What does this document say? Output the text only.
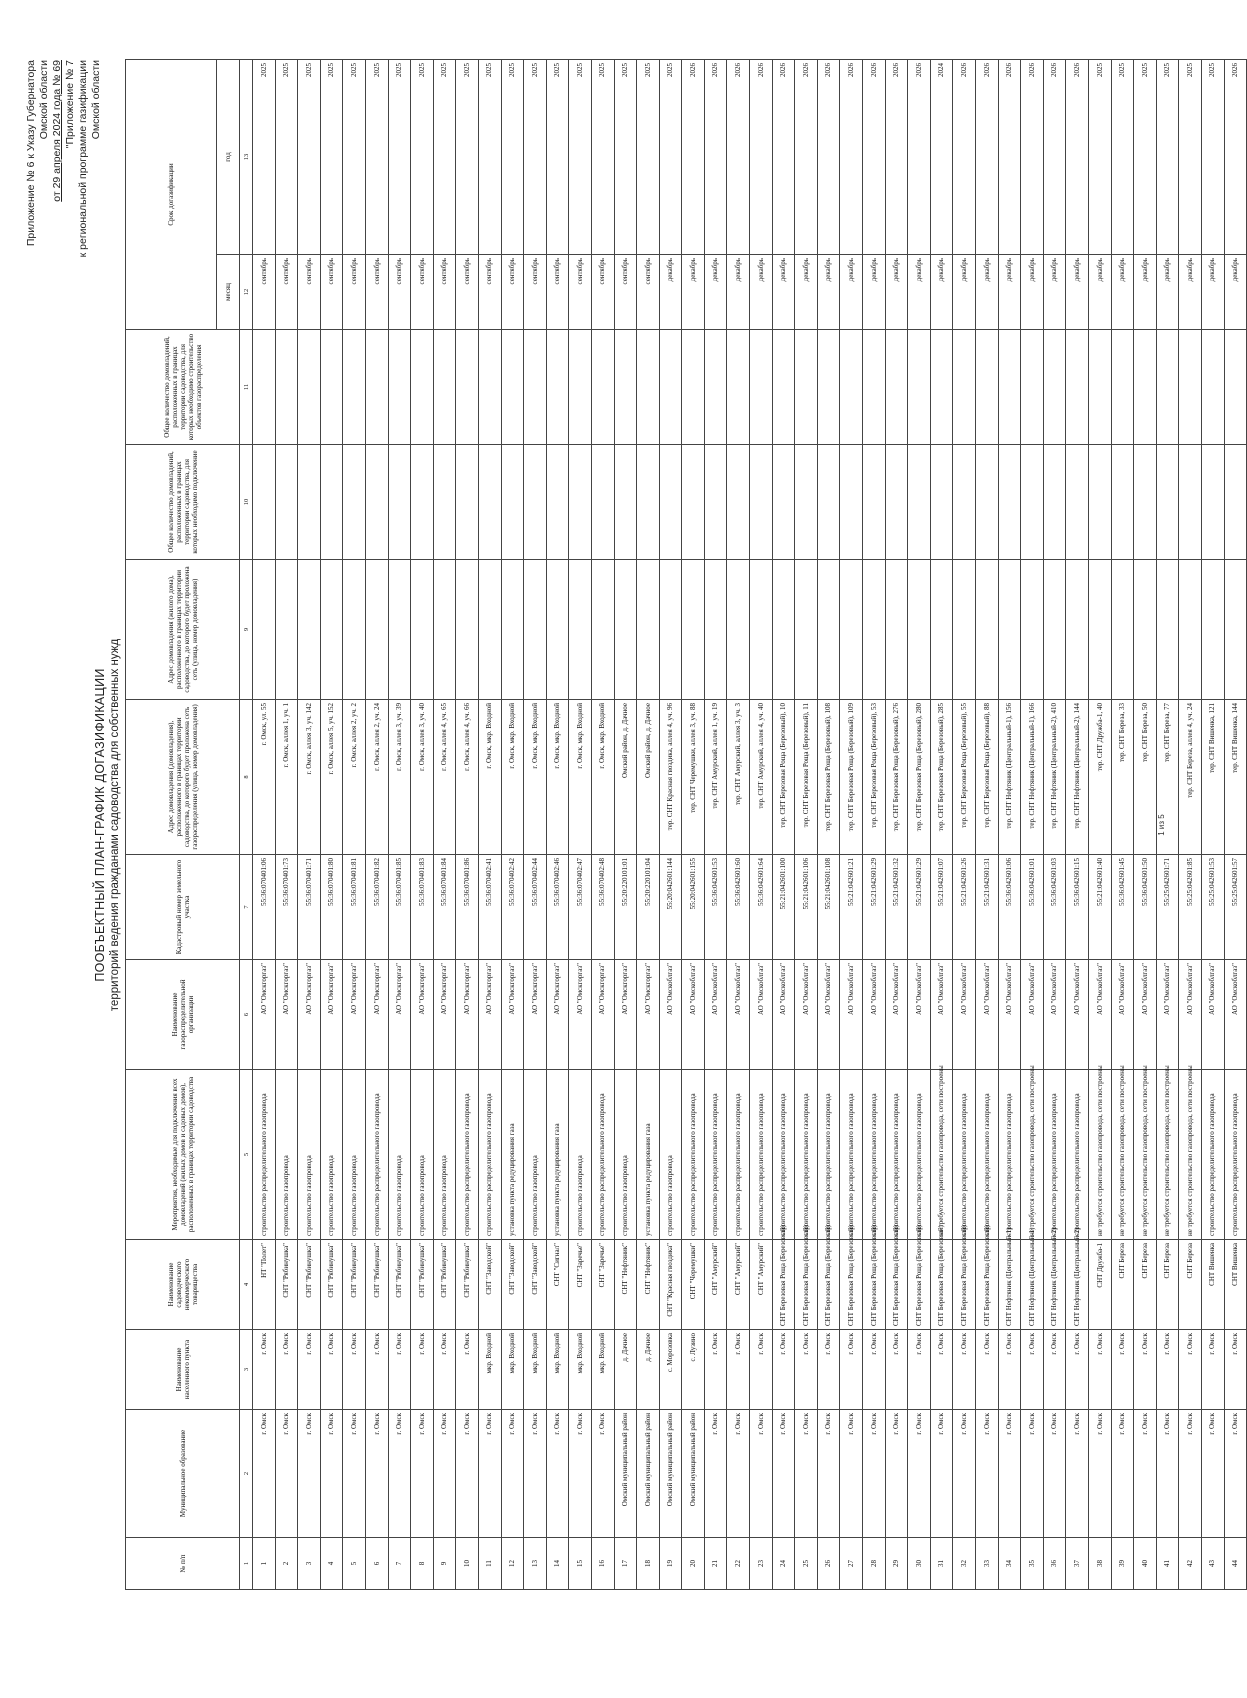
Приложение № 6 к Указу Губернатора Омской области от 29 апреля 2024 года № 69 "Приложение № 7 к региональной программе газификации Омской области
ПООБЪЕКТНЫЙ ПЛАН-ГРАФИК ДОГАЗИФИКАЦИИ территорий ведения гражданами садоводства для собственных нужд
№ п/п	Муниципальное образование	Наименование населенного пункта	Наименование садоводческого некоммерческого товарищества	Мероприятия, необходимые для подключения всех домовладений (жилых домов и садовых домов), расположенных в границах территории садоводства	Наименование газораспределительной организации	Кадастровый номер земельного участка	Адрес домовладения (домовладения), расположенного в границах территории садоводства, до которого будет проложена сеть газораспределения (улица, номер домовладения)	Адрес домовладения (жилого дома), расположенного в границах территории садоводства, до которого будет проложена сеть (улица, номер домовладения)	Общее количество домовладений, расположенных в границах территории садоводства, для которых необходимо подключение	Общее количество домовладений, расположенных в границах территории садоводства, для которых необходимо строительство объектов газораспределения	Срок догазификации	
											месяц	год
1	2	3	4	5	6	7	8	9	10	11	12	13
1	г. Омск	г. Омск	НТ "Полет"	строительство распределительного газопровода	АО "Омскгоргаз"	55:36:070401:06	г. Омск, ул. 55				сентябрь	2025
2	г. Омск	г. Омск	СНТ "Рябинушка"	строительство газопровода	АО "Омскгоргаз"	55:36:070401:73	г. Омск, аллея 1, уч. 1				сентябрь	2025
3	г. Омск	г. Омск	СНТ "Рябинушка"	строительство газопровода	АО "Омскгоргаз"	55:36:070401:71	г. Омск, аллея 3, уч. 142				сентябрь	2025
4	г. Омск	г. Омск	СНТ "Рябинушка"	строительство газопровода	АО "Омскгоргаз"	55:36:070401:80	г. Омск, аллея 5, уч. 152				сентябрь	2025
5	г. Омск	г. Омск	СНТ "Рябинушка"	строительство газопровода	АО "Омскгоргаз"	55:36:070401:81	г. Омск, аллея 2, уч. 2				сентябрь	2025
6	г. Омск	г. Омск	СНТ "Рябинушка"	строительство распределительного газопровода	АО "Омскгоргаз"	55:36:070401:82	г. Омск, аллея 2, уч. 24				сентябрь	2025
7	г. Омск	г. Омск	СНТ "Рябинушка"	строительство газопровода	АО "Омскгоргаз"	55:36:070401:85	г. Омск, аллея 3, уч. 39				сентябрь	2025
8	г. Омск	г. Омск	СНТ "Рябинушка"	строительство газопровода	АО "Омскгоргаз"	55:36:070401:83	г. Омск, аллея 3, уч. 40				сентябрь	2025
9	г. Омск	г. Омск	СНТ "Рябинушка"	строительство газопровода	АО "Омскгоргаз"	55:36:070401:84	г. Омск, аллея 4, уч. 65				сентябрь	2025
10	г. Омск	г. Омск	СНТ "Рябинушка"	строительство распределительного газопровода	АО "Омскгоргаз"	55:36:070401:86	г. Омск, аллея 4, уч. 66				сентябрь	2025
11	г. Омск	мкр. Входной	СНТ "Заводской"	строительство распределительного газопровода	АО "Омскгоргаз"	55:36:070402:41	г. Омск, мкр. Входной				сентябрь	2025
12	г. Омск	мкр. Входной	СНТ "Заводской"	установка пункта редуцирования газа	АО "Омскгоргаз"	55:36:070402:42	г. Омск, мкр. Входной				сентябрь	2025
13	г. Омск	мкр. Входной	СНТ "Заводской"	строительство газопровода	АО "Омскгоргаз"	55:36:070402:44	г. Омск, мкр. Входной				сентябрь	2025
14	г. Омск	мкр. Входной	СНТ "Сигнал"	установка пункта редуцирования газа	АО "Омскгоргаз"	55:36:070402:46	г. Омск, мкр. Входной				сентябрь	2025
15	г. Омск	мкр. Входной	СНТ "Заречье"	строительство газопровода	АО "Омскгоргаз"	55:36:070402:47	г. Омск, мкр. Входной				сентябрь	2025
16	г. Омск	мкр. Входной	СНТ "Заречье"	строительство распределительного газопровода	АО "Омскгоргаз"	55:36:070402:48	г. Омск, мкр. Входной				сентябрь	2025
17	Омский муниципальный район	д. Дачное	СНТ "Нефтяник"	строительство газопровода	АО "Омскгоргаз"	55:20:220101:01	Омский район, д. Дачное				сентябрь	2025
18	Омский муниципальный район	д. Дачное	СНТ "Нефтяник"	установка пункта редуцирования газа	АО "Омскгоргаз"	55:20:220101:04	Омский район, д. Дачное				сентябрь	2025
19	Омский муниципальный район	с. Морозовка	СНТ "Красная гвоздика"	строительство газопровода	АО "Омскоблгаз"	55:20:042601:144	тер. СНТ Красная гвоздика, аллея 4, уч. 96				декабрь	2025
20	Омский муниципальный район	с. Лузино	СНТ "Черемушки"	строительство распределительного газопровода	АО "Омскоблгаз"	55:20:042601:155	тер. СНТ Черемушки, аллея 3, уч. 88				декабрь	2026
21	г. Омск	г. Омск	СНТ "Амурский"	строительство распределительного газопровода	АО "Омскоблгаз"	55:36:042601:53	тер. СНТ Амурский, аллея 1, уч. 19				декабрь	2026
22	г. Омск	г. Омск	СНТ "Амурский"	строительство распределительного газопровода	АО "Омскоблгаз"	55:36:042601:60	тер. СНТ Амурский, аллея 3, уч. 3				декабрь	2026
23	г. Омск	г. Омск	СНТ "Амурский"	строительство распределительного газопровода	АО "Омскоблгаз"	55:36:042601:64	тер. СНТ Амурский, аллея 4, уч. 40				декабрь	2026
24	г. Омск	г. Омск	СНТ Березовая Роща (Березовый)	строительство распределительного газопровода	АО "Омскоблгаз"	55:21:042601:100	тер. СНТ Березовая Роща (Березовый), 10				декабрь	2026
25	г. Омск	г. Омск	СНТ Березовая Роща (Березовый)	строительство распределительного газопровода	АО "Омскоблгаз"	55:21:042601:106	тер. СНТ Березовая Роща (Березовый), 11				декабрь	2026
26	г. Омск	г. Омск	СНТ Березовая Роща (Березовый)	строительство распределительного газопровода	АО "Омскоблгаз"	55:21:042601:108	тер. СНТ Березовая Роща (Березовый), 108				декабрь	2026
27	г. Омск	г. Омск	СНТ Березовая Роща (Березовый)	строительство распределительного газопровода	АО "Омскоблгаз"	55:21:042601:21	тер. СНТ Березовая Роща (Березовый), 109				декабрь	2026
28	г. Омск	г. Омск	СНТ Березовая Роща (Березовый)	строительство распределительного газопровода	АО "Омскоблгаз"	55:21:042601:29	тер. СНТ Березовая Роща (Березовый), 53				декабрь	2026
29	г. Омск	г. Омск	СНТ Березовая Роща (Березовый)	строительство распределительного газопровода	АО "Омскоблгаз"	55:21:042601:32	тер. СНТ Березовая Роща (Березовый), 276				декабрь	2026
30	г. Омск	г. Омск	СНТ Березовая Роща (Березовый)	строительство распределительного газопровода	АО "Омскоблгаз"	55:21:042601:29	тер. СНТ Березовая Роща (Березовый), 280				декабрь	2026
31	г. Омск	г. Омск	СНТ Березовая Роща (Березовый)	не требуется строительство газопровода, сети построены	АО "Омскоблгаз"	55:21:042601:07	тер. СНТ Березовая Роща (Березовый), 285				декабрь	2024
32	г. Омск	г. Омск	СНТ Березовая Роща (Березовый)	строительство распределительного газопровода	АО "Омскоблгаз"	55:21:042601:26	тер. СНТ Березовая Роща (Березовый), 55				декабрь	2026
33	г. Омск	г. Омск	СНТ Березовая Роща (Березовый)	строительство распределительного газопровода	АО "Омскоблгаз"	55:21:042601:31	тер. СНТ Березовая Роща (Березовый), 88				декабрь	2026
34	г. Омск	г. Омск	СНТ Нефтяник (Центральный-1)	строительство распределительного газопровода	АО "Омскоблгаз"	55:36:042601:06	тер. СНТ Нефтяник (Центральный-1), 156				декабрь	2026
35	г. Омск	г. Омск	СНТ Нефтяник (Центральный-1)	не требуется строительство газопровода, сети построены	АО "Омскоблгаз"	55:36:042601:01	тер. СНТ Нефтяник (Центральный-1), 166				декабрь	2026
36	г. Омск	г. Омск	СНТ Нефтяник (Центральный-2)	строительство распределительного газопровода	АО "Омскоблгаз"	55:36:042601:03	тер. СНТ Нефтяник (Центральный-2), 410				декабрь	2026
37	г. Омск	г. Омск	СНТ Нефтяник (Центральный-2)	строительство распределительного газопровода	АО "Омскоблгаз"	55:36:042601:15	тер. СНТ Нефтяник (Центральный-2), 144				декабрь	2026
38	г. Омск	г. Омск	СНТ Дружба-1	не требуется строительство газопровода, сети построены	АО "Омскоблгаз"	55:21:042601:40	тер. СНТ Дружба-1, 40				декабрь	2025
39	г. Омск	г. Омск	СНТ Береза	не требуется строительство газопровода, сети построены	АО "Омскоблгаз"	55:36:042601:45	тер. СНТ Береза, 33				декабрь	2025
40	г. Омск	г. Омск	СНТ Береза	не требуется строительство газопровода, сети построены	АО "Омскоблгаз"	55:36:042601:50	тер. СНТ Береза, 50				декабрь	2025
41	г. Омск	г. Омск	СНТ Береза	не требуется строительство газопровода, сети построены	АО "Омскоблгаз"	55:25:042601:71	тер. СНТ Береза, 77				декабрь	2025
42	г. Омск	г. Омск	СНТ Береза	не требуется строительство газопровода, сети построены	АО "Омскоблгаз"	55:25:042601:85	тер. СНТ Береза, аллея 4, уч. 24				декабрь	2025
43	г. Омск	г. Омск	СНТ Вишенка	строительство распределительного газопровода	АО "Омскоблгаз"	55:25:042601:53	тер. СНТ Вишенка, 121				декабрь	2025
44	г. Омск	г. Омск	СНТ Вишенка	строительство распределительного газопровода	АО "Омскоблгаз"	55:25:042601:57	тер. СНТ Вишенка, 144				декабрь	2026
1 из 5
